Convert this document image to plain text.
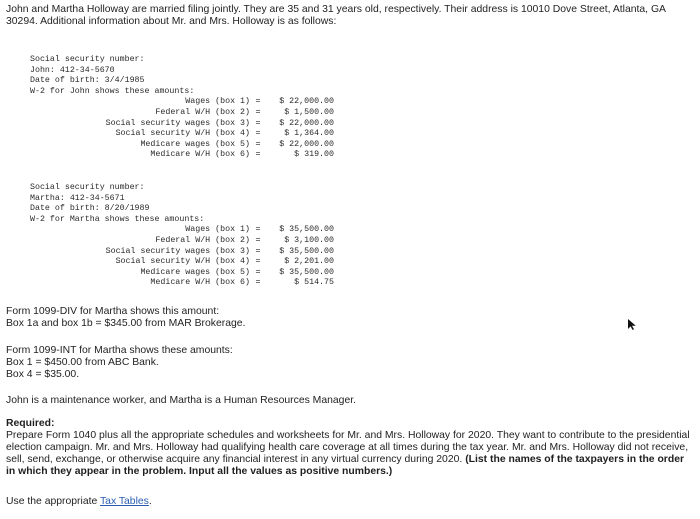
John and Martha Holloway are married filing jointly. They are 35 and 31 years old, respectively. Their address is 10010 Dove Street, Atlanta, GA 30294. Additional information about Mr. and Mrs. Holloway is as follows:
Social security number:
John: 412-34-5670
Date of birth: 3/4/1985
W-2 for John shows these amounts:
Wages (box 1) =	$ 22,000.00
Federal W/H (box 2) =	$ 1,500.00
Social security wages (box 3) =	$ 22,000.00
Social security W/H (box 4) =	$ 1,364.00
Medicare wages (box 5) =	$ 22,000.00
Medicare W/H (box 6) =	$ 319.00
Social security number:
Martha: 412-34-5671
Date of birth: 8/20/1989
W-2 for Martha shows these amounts:
Wages (box 1) =	$ 35,500.00
Federal W/H (box 2) =	$ 3,100.00
Social security wages (box 3) =	$ 35,500.00
Social security W/H (box 4) =	$ 2,201.00
Medicare wages (box 5) =	$ 35,500.00
Medicare W/H (box 6) =	$ 514.75
Form 1099-DIV for Martha shows this amount:
Box 1a and box 1b = $345.00 from MAR Brokerage.
Form 1099-INT for Martha shows these amounts:
Box 1 = $450.00 from ABC Bank.
Box 4 = $35.00.
John is a maintenance worker, and Martha is a Human Resources Manager.
Required:
Prepare Form 1040 plus all the appropriate schedules and worksheets for Mr. and Mrs. Holloway for 2020. They want to contribute to the presidential election campaign. Mr. and Mrs. Holloway had qualifying health care coverage at all times during the tax year. Mr. and Mrs. Holloway did not receive, sell, send, exchange, or otherwise acquire any financial interest in any virtual currency during 2020. (List the names of the taxpayers in the order in which they appear in the problem. Input all the values as positive numbers.)
Use the appropriate Tax Tables.
